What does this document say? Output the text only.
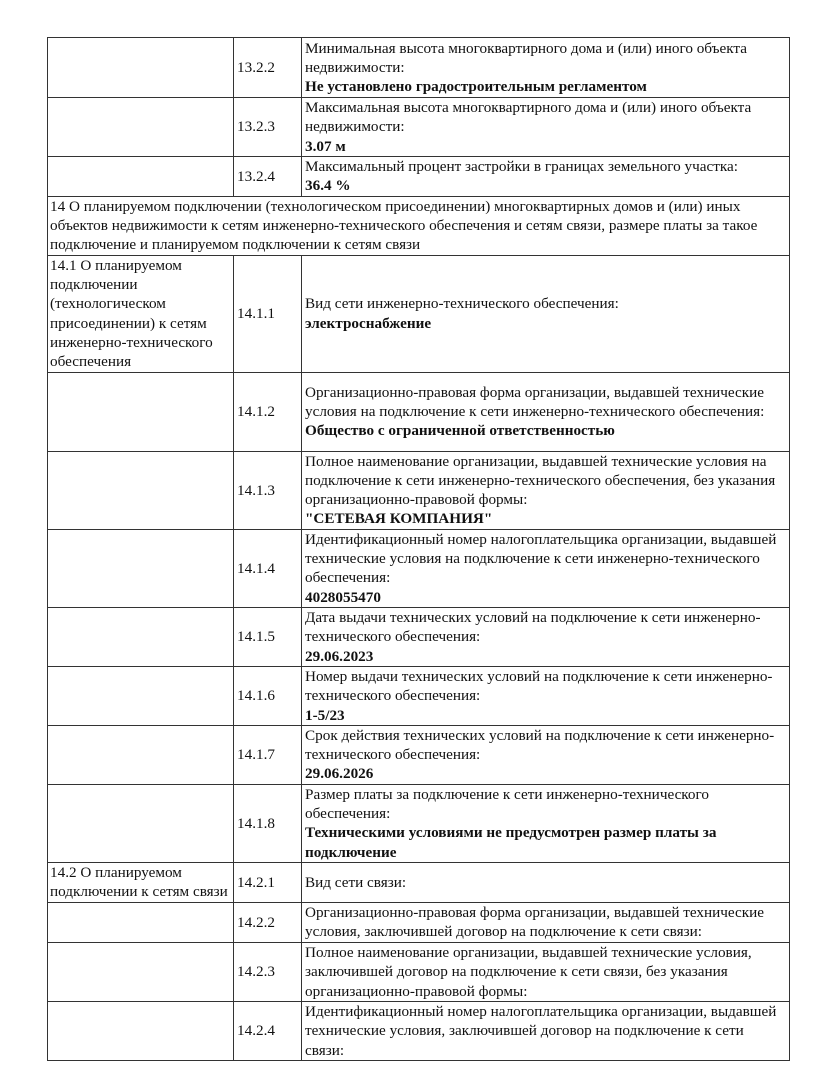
	13.2.2	Минимальная высота многоквартирного дома и (или) иного объекта недвижимости:
Не установлено градостроительным регламентом

	13.2.3	Максимальная высота многоквартирного дома и (или) иного объекта недвижимости:
3.07 м

	13.2.4	Максимальный процент застройки в границах земельного участка:
36.4 %

14 О планируемом подключении (технологическом присоединении) многоквартирных домов и (или) иных объектов недвижимости к сетям инженерно-технического обеспечения и сетям связи, размере платы за такое подключение и планируемом подключении к сетям связи		
14.1 О планируемом подключении (технологическом присоединении) к сетям инженерно-технического обеспечения	14.1.1	Вид сети инженерно-технического обеспечения:
электроснабжение

	14.1.2	Организационно-правовая форма организации, выдавшей технические условия на подключение к сети инженерно-технического обеспечения:
Общество с ограниченной ответственностью

	14.1.3	Полное наименование организации, выдавшей технические условия на подключение к сети инженерно-технического обеспечения, без указания организационно-правовой формы:
"СЕТЕВАЯ КОМПАНИЯ"

	14.1.4	Идентификационный номер налогоплательщика организации, выдавшей технические условия на подключение к сети инженерно-технического обеспечения:
4028055470

	14.1.5	Дата выдачи технических условий на подключение к сети инженерно-технического обеспечения:
29.06.2023

	14.1.6	Номер выдачи технических условий на подключение к сети инженерно-технического обеспечения:
1-5/23

	14.1.7	Срок действия технических условий на подключение к сети инженерно-технического обеспечения:
29.06.2026

	14.1.8	Размер платы за подключение к сети инженерно-технического обеспечения:
Техническими условиями не предусмотрен размер платы за подключение

14.2 О планируемом подключении к сетям связи	14.2.1	Вид сети связи:

	14.2.2	Организационно-правовая форма организации, выдавшей технические условия, заключившей договор на подключение к сети связи:

	14.2.3	Полное наименование организации, выдавшей технические условия, заключившей договор на подключение к сети связи, без указания организационно-правовой формы:

	14.2.4	Идентификационный номер налогоплательщика организации, выдавшей технические условия, заключившей договор на подключение к сети связи:
